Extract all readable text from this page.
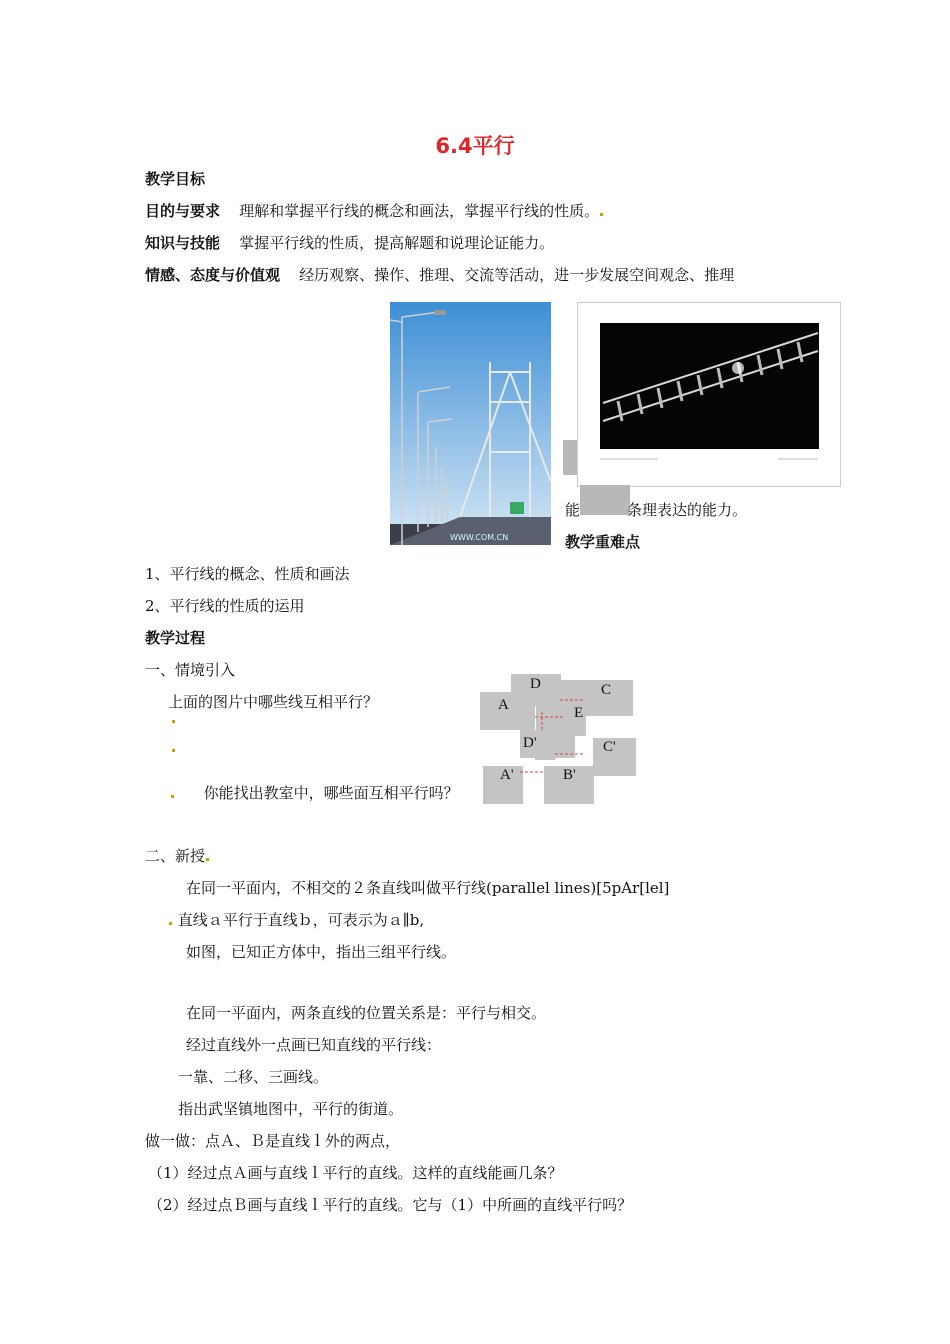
6.4平行
教学目标
目的与要求 理解和掌握平行线的概念和画法，掌握平行线的性质。
知识与技能 掌握平行线的性质，提高解题和说理论证能力。
情感、态度与价值观 经历观察、操作、推理、交流等活动，进一步发展空间观念、推理
WWW.COM.CN
能	条理表达的能力。
教学重难点
1、平行线的概念、性质和画法
2、平行线的性质的运用
教学过程
一、情境引入
上面的图片中哪些线互相平行？
你能找出教室中，哪些面互相平行吗？
D	C
A	E
D'	C'
A'	B'
二、新授
在同一平面内，不相交的２条直线叫做平行线(parallel lines)[5pAr[lel]
直线ａ平行于直线ｂ，可表示为ａ∥b,
如图，已知正方体中，指出三组平行线。
在同一平面内，两条直线的位置关系是：平行与相交。
经过直线外一点画已知直线的平行线：
一靠、二移、三画线。
指出武坚镇地图中，平行的街道。
做一做：点Ａ、Ｂ是直线ｌ外的两点，
（1）经过点Ａ画与直线ｌ平行的直线。这样的直线能画几条？
（2）经过点Ｂ画与直线ｌ平行的直线。它与（1）中所画的直线平行吗？
